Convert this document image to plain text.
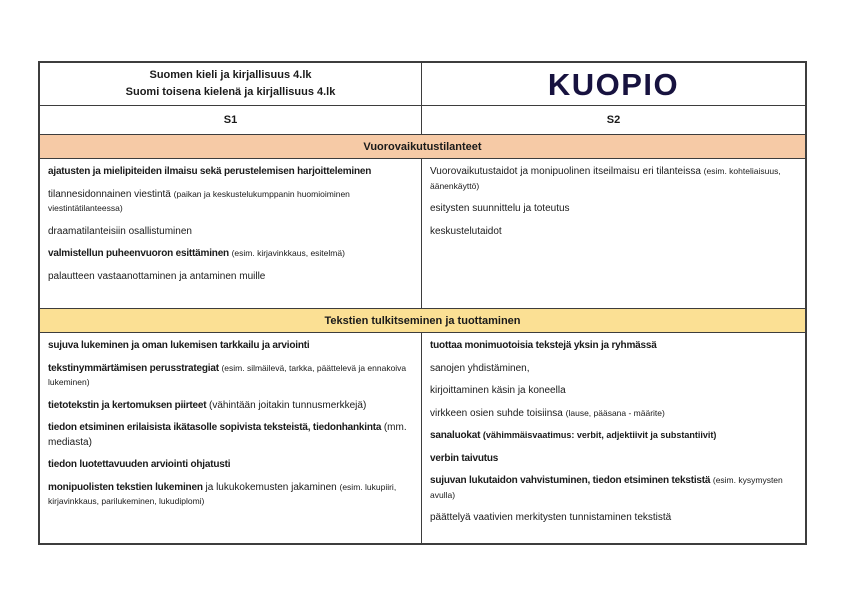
Suomen kieli ja kirjallisuus 4.lk
Suomi toisena kielenä ja kirjallisuus 4.lk	KUOPIO
S1	S2
Vuorovaikutustilanteet

ajatusten ja mielipiteiden ilmaisu sekä perustelemisen harjoitteleminen

tilannesidonnainen viestintä (paikan ja keskustelukumppanin huomioiminen viestintätilanteessa)

draamatilanteisiin osallistuminen

valmistellun puheenvuoron esittäminen (esim. kirjavinkkaus, esitelmä)

palautteen vastaanottaminen ja antaminen muille

Vuorovaikutustaidot ja monipuolinen itseilmaisu eri tilanteissa (esim. kohteliaisuus, äänenkäyttö)

esitysten suunnittelu ja toteutus

keskustelutaidot

Tekstien tulkitseminen ja tuottaminen

sujuva lukeminen ja oman lukemisen tarkkailu ja arviointi

tekstinymmärtämisen perusstrategiat (esim. silmäilevä, tarkka, päättelevä ja ennakoiva lukeminen)

tietotekstin ja kertomuksen piirteet (vähintään joitakin tunnusmerkkejä)

tiedon etsiminen erilaisista ikätasolle sopivista teksteistä, tiedonhankinta (mm. mediasta)

tiedon luotettavuuden arviointi ohjatusti

monipuolisten tekstien lukeminen ja lukukokemusten jakaminen (esim. lukupiiri, kirjavinkkaus, parilukeminen, lukudiplomi)

tuottaa monimuotoisia tekstejä yksin ja ryhmässä

sanojen yhdistäminen,

kirjoittaminen käsin ja koneella

virkkeen osien suhde toisiinsa (lause, pääsana - määrite)

sanaluokat (vähimmäisvaatimus: verbit, adjektiivit ja substantiivit)

verbin taivutus

sujuvan lukutaidon vahvistuminen, tiedon etsiminen tekstistä (esim. kysymysten avulla)

päättelyä vaativien merkitysten tunnistaminen tekstistä
